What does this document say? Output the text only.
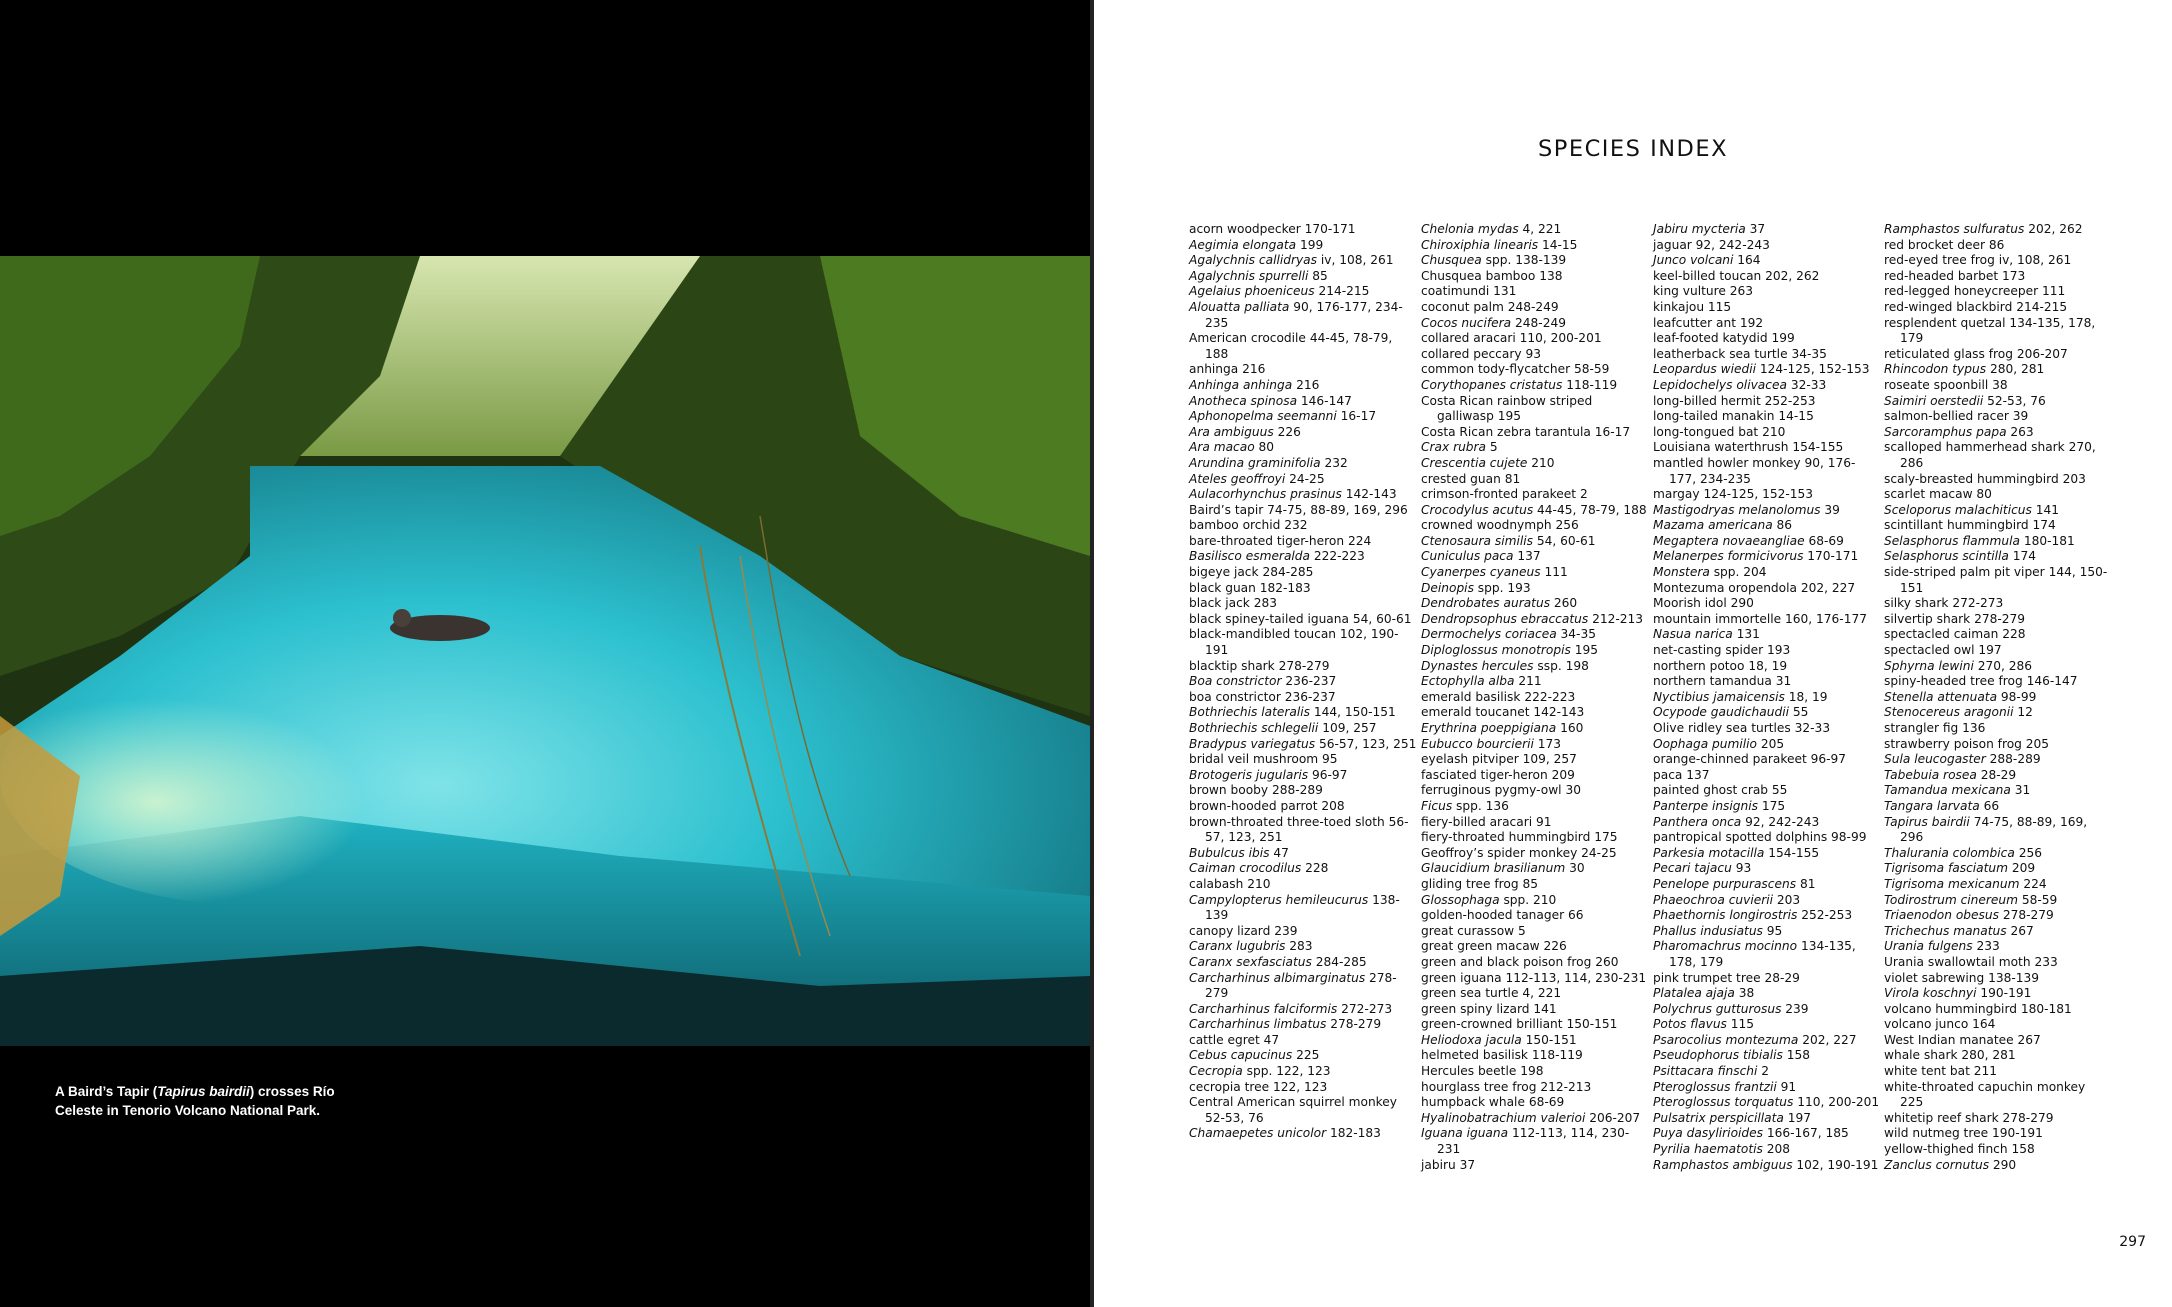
A Baird’s Tapir (Tapirus bairdii) crosses Río Celeste in Tenorio Volcano National Park.
SPECIES INDEX
acorn woodpecker 170-171
Aegimia elongata 199
Agalychnis callidryas iv, 108, 261
Agalychnis spurrelli 85
Agelaius phoeniceus 214-215
Alouatta palliata 90, 176-177, 234-235
American crocodile 44-45, 78-79, 188
anhinga 216
Anhinga anhinga 216
Anotheca spinosa 146-147
Aphonopelma seemanni 16-17
Ara ambiguus 226
Ara macao 80
Arundina graminifolia 232
Ateles geoffroyi 24-25
Aulacorhynchus prasinus 142-143
Baird’s tapir 74-75, 88-89, 169, 296
bamboo orchid 232
bare-throated tiger-heron 224
Basilisco esmeralda 222-223
bigeye jack 284-285
black guan 182-183
black jack 283
black spiney-tailed iguana 54, 60-61
black-mandibled toucan 102, 190-191
blacktip shark 278-279
Boa constrictor 236-237
boa constrictor 236-237
Bothriechis lateralis 144, 150-151
Bothriechis schlegelii 109, 257
Bradypus variegatus 56-57, 123, 251
bridal veil mushroom 95
Brotogeris jugularis 96-97
brown booby 288-289
brown-hooded parrot 208
brown-throated three-toed sloth 56-57, 123, 251
Bubulcus ibis 47
Caiman crocodilus 228
calabash 210
Campylopterus hemileucurus 138-139
canopy lizard 239
Caranx lugubris 283
Caranx sexfasciatus 284-285
Carcharhinus albimarginatus 278-279
Carcharhinus falciformis 272-273
Carcharhinus limbatus 278-279
cattle egret 47
Cebus capucinus 225
Cecropia spp. 122, 123
cecropia tree 122, 123
Central American squirrel monkey 52-53, 76
Chamaepetes unicolor 182-183
Chelonia mydas 4, 221
Chiroxiphia linearis 14-15
Chusquea spp. 138-139
Chusquea bamboo 138
coatimundi 131
coconut palm 248-249
Cocos nucifera 248-249
collared aracari 110, 200-201
collared peccary 93
common tody-flycatcher 58-59
Corythopanes cristatus 118-119
Costa Rican rainbow striped galliwasp 195
Costa Rican zebra tarantula 16-17
Crax rubra 5
Crescentia cujete 210
crested guan 81
crimson-fronted parakeet 2
Crocodylus acutus 44-45, 78-79, 188
crowned woodnymph 256
Ctenosaura similis 54, 60-61
Cuniculus paca 137
Cyanerpes cyaneus 111
Deinopis spp. 193
Dendrobates auratus 260
Dendropsophus ebraccatus 212-213
Dermochelys coriacea 34-35
Diploglossus monotropis 195
Dynastes hercules ssp. 198
Ectophylla alba 211
emerald basilisk 222-223
emerald toucanet 142-143
Erythrina poeppigiana 160
Eubucco bourcierii 173
eyelash pitviper 109, 257
fasciated tiger-heron 209
ferruginous pygmy-owl 30
Ficus spp. 136
fiery-billed aracari 91
fiery-throated hummingbird 175
Geoffroy’s spider monkey 24-25
Glaucidium brasilianum 30
gliding tree frog 85
Glossophaga spp. 210
golden-hooded tanager 66
great curassow 5
great green macaw 226
green and black poison frog 260
green iguana 112-113, 114, 230-231
green sea turtle 4, 221
green spiny lizard 141
green-crowned brilliant 150-151
Heliodoxa jacula 150-151
helmeted basilisk 118-119
Hercules beetle 198
hourglass tree frog 212-213
humpback whale 68-69
Hyalinobatrachium valerioi 206-207
Iguana iguana 112-113, 114, 230-231
jabiru 37
Jabiru mycteria 37
jaguar 92, 242-243
Junco volcani 164
keel-billed toucan 202, 262
king vulture 263
kinkajou 115
leafcutter ant 192
leaf-footed katydid 199
leatherback sea turtle 34-35
Leopardus wiedii 124-125, 152-153
Lepidochelys olivacea 32-33
long-billed hermit 252-253
long-tailed manakin 14-15
long-tongued bat 210
Louisiana waterthrush 154-155
mantled howler monkey 90, 176-177, 234-235
margay 124-125, 152-153
Mastigodryas melanolomus 39
Mazama americana 86
Megaptera novaeangliae 68-69
Melanerpes formicivorus 170-171
Monstera spp. 204
Montezuma oropendola 202, 227
Moorish idol 290
mountain immortelle 160, 176-177
Nasua narica 131
net-casting spider 193
northern potoo 18, 19
northern tamandua 31
Nyctibius jamaicensis 18, 19
Ocypode gaudichaudii 55
Olive ridley sea turtles 32-33
Oophaga pumilio 205
orange-chinned parakeet 96-97
paca 137
painted ghost crab 55
Panterpe insignis 175
Panthera onca 92, 242-243
pantropical spotted dolphins 98-99
Parkesia motacilla 154-155
Pecari tajacu 93
Penelope purpurascens 81
Phaeochroa cuvierii 203
Phaethornis longirostris 252-253
Phallus indusiatus 95
Pharomachrus mocinno 134-135, 178, 179
pink trumpet tree 28-29
Platalea ajaja 38
Polychrus gutturosus 239
Potos flavus 115
Psarocolius montezuma 202, 227
Pseudophorus tibialis 158
Psittacara finschi 2
Pteroglossus frantzii 91
Pteroglossus torquatus 110, 200-201
Pulsatrix perspicillata 197
Puya dasylirioides 166-167, 185
Pyrilia haematotis 208
Ramphastos ambiguus 102, 190-191
Ramphastos sulfuratus 202, 262
red brocket deer 86
red-eyed tree frog iv, 108, 261
red-headed barbet 173
red-legged honeycreeper 111
red-winged blackbird 214-215
resplendent quetzal 134-135, 178, 179
reticulated glass frog 206-207
Rhincodon typus 280, 281
roseate spoonbill 38
Saimiri oerstedii 52-53, 76
salmon-bellied racer 39
Sarcoramphus papa 263
scalloped hammerhead shark 270, 286
scaly-breasted hummingbird 203
scarlet macaw 80
Sceloporus malachiticus 141
scintillant hummingbird 174
Selasphorus flammula 180-181
Selasphorus scintilla 174
side-striped palm pit viper 144, 150-151
silky shark 272-273
silvertip shark 278-279
spectacled caiman 228
spectacled owl 197
Sphyrna lewini 270, 286
spiny-headed tree frog 146-147
Stenella attenuata 98-99
Stenocereus aragonii 12
strangler fig 136
strawberry poison frog 205
Sula leucogaster 288-289
Tabebuia rosea 28-29
Tamandua mexicana 31
Tangara larvata 66
Tapirus bairdii 74-75, 88-89, 169, 296
Thalurania colombica 256
Tigrisoma fasciatum 209
Tigrisoma mexicanum 224
Todirostrum cinereum 58-59
Triaenodon obesus 278-279
Trichechus manatus 267
Urania fulgens 233
Urania swallowtail moth 233
violet sabrewing 138-139
Virola koschnyi 190-191
volcano hummingbird 180-181
volcano junco 164
West Indian manatee 267
whale shark 280, 281
white tent bat 211
white-throated capuchin monkey 225
whitetip reef shark 278-279
wild nutmeg tree 190-191
yellow-thighed finch 158
Zanclus cornutus 290
297
